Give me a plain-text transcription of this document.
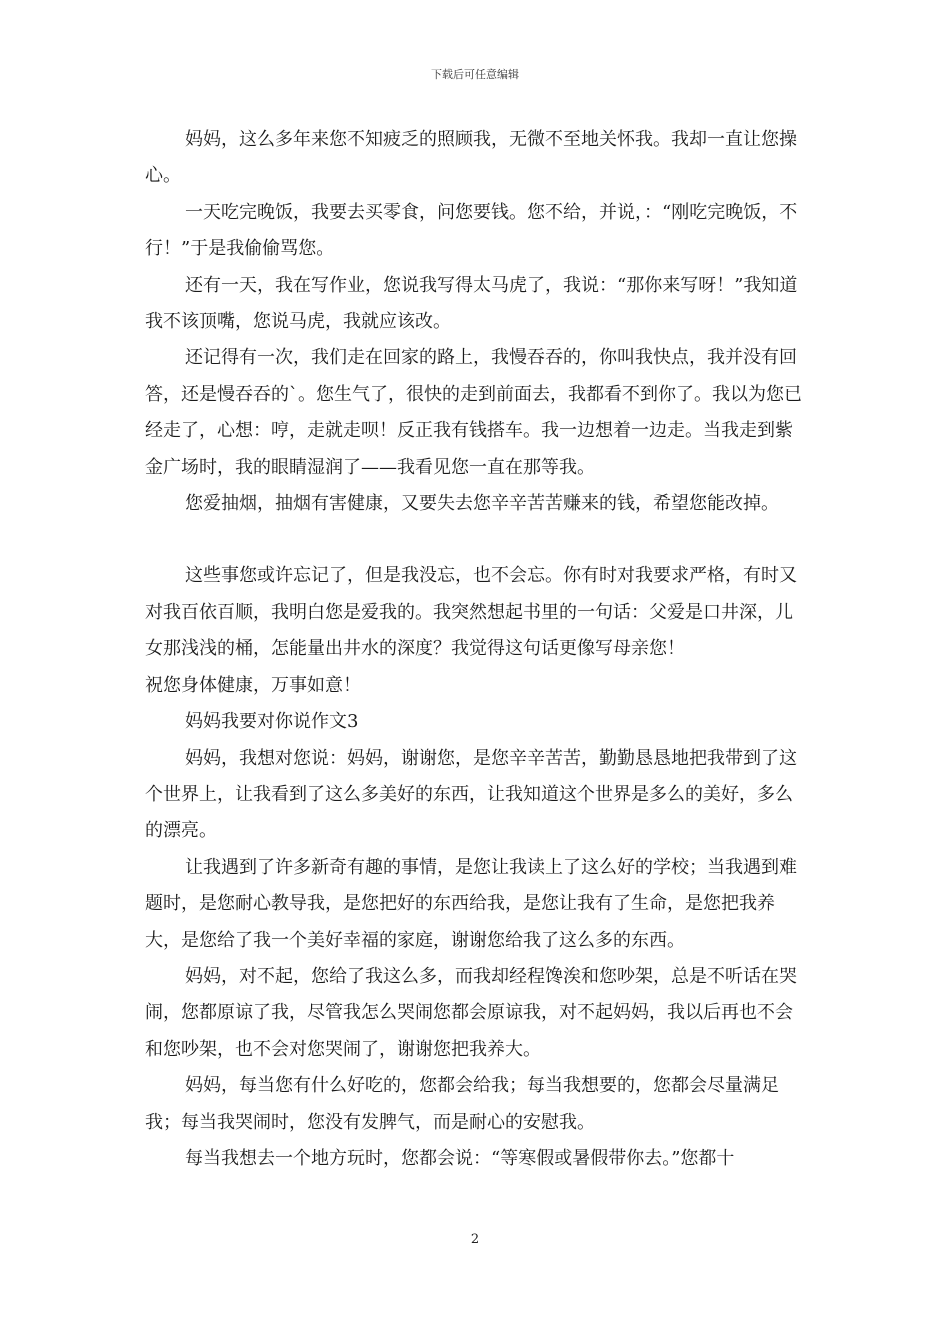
下载后可任意编辑

妈妈，这么多年来您不知疲乏的照顾我，无微不至地关怀我。我却一直让您操心。

一天吃完晚饭，我要去买零食，问您要钱。您不给，并说，：“刚吃完晚饭，不行！”于是我偷偷骂您。

还有一天，我在写作业，您说我写得太马虎了，我说：“那你来写呀！”我知道我不该顶嘴，您说马虎，我就应该改。

还记得有一次，我们走在回家的路上，我慢吞吞的，你叫我快点，我并没有回答，还是慢吞吞的`。您生气了，很快的走到前面去，我都看不到你了。我以为您已经走了，心想：哼，走就走呗！反正我有钱搭车。我一边想着一边走。当我走到紫金广场时，我的眼睛湿润了——我看见您一直在那等我。

您爱抽烟，抽烟有害健康，又要失去您辛辛苦苦赚来的钱，希望您能改掉。

这些事您或许忘记了，但是我没忘，也不会忘。你有时对我要求严格，有时又对我百依百顺，我明白您是爱我的。我突然想起书里的一句话：父爱是口井深，儿女那浅浅的桶，怎能量出井水的深度？我觉得这句话更像写母亲您！

祝您身体健康，万事如意！

妈妈我要对你说作文3

妈妈，我想对您说：妈妈，谢谢您，是您辛辛苦苦，勤勤恳恳地把我带到了这个世界上，让我看到了这么多美好的东西，让我知道这个世界是多么的美好，多么的漂亮。

让我遇到了许多新奇有趣的事情，是您让我读上了这么好的学校；当我遇到难题时，是您耐心教导我，是您把好的东西给我，是您让我有了生命，是您把我养大，是您给了我一个美好幸福的家庭，谢谢您给我了这么多的东西。

妈妈，对不起，您给了我这么多，而我却经程馋涘和您吵架，总是不听话在哭闹，您都原谅了我，尽管我怎么哭闹您都会原谅我，对不起妈妈，我以后再也不会和您吵架，也不会对您哭闹了，谢谢您把我养大。

妈妈，每当您有什么好吃的，您都会给我；每当我想要的，您都会尽量满足我；每当我哭闹时，您没有发脾气，而是耐心的安慰我。

每当我想去一个地方玩时，您都会说：“等寒假或暑假带你去。”您都十

2
